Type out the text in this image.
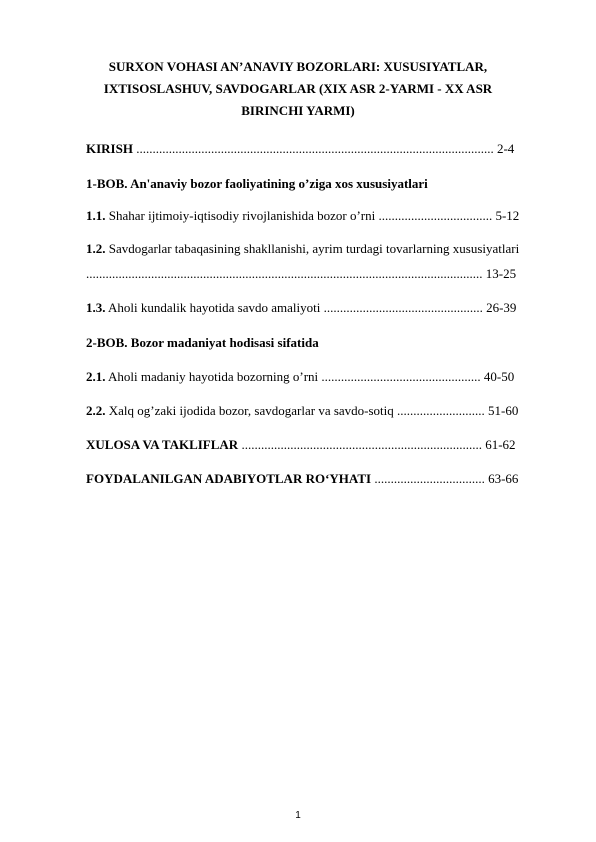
SURXON VOHASI AN’ANAVIY BOZORLARI: XUSUSIYATLAR, IXTISOSLASHUV, SAVDOGARLAR (XIX ASR 2-YARMI - XX ASR BIRINCHI YARMI)
KIRISH .............................................................................................................. 2-4
1-BOB. An'anaviy bozor faoliyatining o’ziga xos xususiyatlari
1.1. Shahar ijtimoiy-iqtisodiy rivojlanishida bozor o’rni ................................... 5-12
1.2. Savdogarlar tabaqasining shakllanishi, ayrim turdagi tovarlarning xususiyatlari
.......................................................................................................................... 13-25
1.3. Aholi kundalik hayotida savdo amaliyoti ................................................. 26-39
2-BOB. Bozor madaniyat hodisasi sifatida
2.1. Aholi madaniy hayotida bozorning o’rni ................................................. 40-50
2.2. Xalq og’zaki ijodida bozor, savdogarlar va savdo-sotiq ........................... 51-60
XULOSA VA TAKLIFLAR .......................................................................... 61-62
FOYDALANILGAN ADABIYOTLAR RO‘YHATI .................................. 63-66
1
